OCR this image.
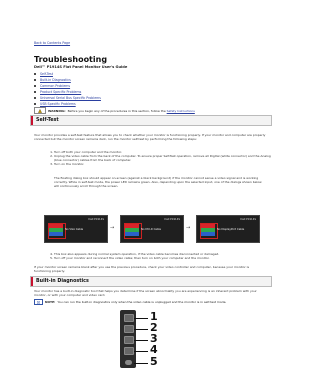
Back to Contents Page
Troubleshooting
Dell™ P1914S Flat Panel Monitor User's Guide
Self-Test
Built-in Diagnostics
Common Problems
Product Specific Problems
Universal Serial Bus Specific Problems
USB Specific Problems
WARNING: Before you begin any of the procedures in this section, follow the
Safety Instructions
Self-Test
Your monitor provides a self-test feature that allows you to check whether your monitor is functioning properly. If your monitor and computer are properly connected but the monitor screen remains dark, run the monitor self-test by performing the following steps:
1. Turn off both your computer and the monitor.
2. Unplug the video cable from the back of the computer. To ensure proper Self-Test operation, remove all Digital (white connector) and the Analog (blue connector) cables from the back of computer.
3. Turn on the monitor.
The floating dialog box should appear on-screen (against a black background) if the monitor cannot sense a video signal and is working correctly. While in self-test mode, the power LED remains green. Also, depending upon the selected input, one of the dialogs shown below will continuously scroll through the screen.
Dell P1914S
No VGA Cable	→
Dell P1914S
No DVI-D Cable	→
Dell P1914S
No DisplayPort Cable
4. This box also appears during normal system operation, if the video cable becomes disconnected or damaged.
5. Turn off your monitor and reconnect the video cable; then turn on both your computer and the monitor.
If your monitor screen remains blank after you use the previous procedure, check your video controller and computer, because your monitor is functioning properly.
Built-in Diagnostics
Your monitor has a built-in diagnostic tool that helps you determine if the screen abnormality you are experiencing is an inherent problem with your monitor, or with your computer and video card.
NOTE: You can run the built-in diagnostics only when the video cable is unplugged and the monitor is in self-test mode.
1
2
3
4
5
